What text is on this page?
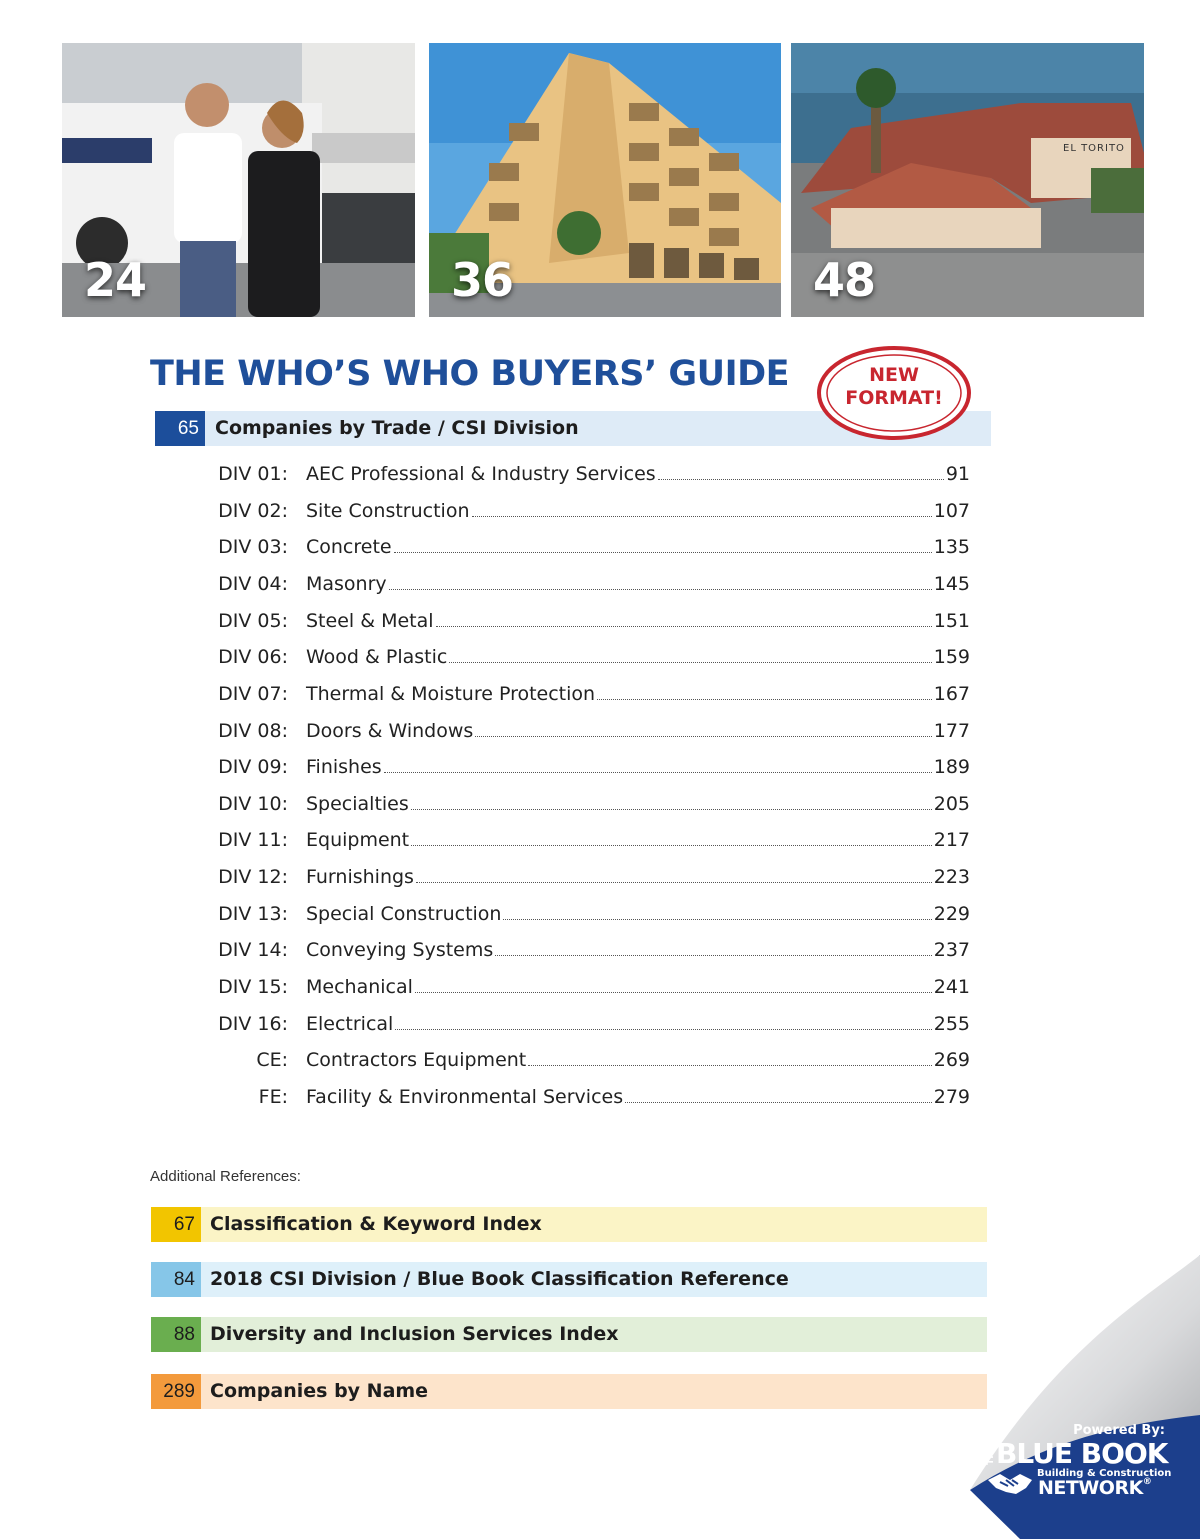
24	36
EL TORITO
48
THE WHO’S WHO BUYERS’ GUIDE
65 Companies by Trade / CSI Division
NEW
FORMAT!
DIV 01: AEC Professional & Industry Services	91
DIV 02: Site Construction	107
DIV 03: Concrete	135
DIV 04: Masonry	145
DIV 05: Steel & Metal	151
DIV 06: Wood & Plastic	159
DIV 07: Thermal & Moisture Protection	167
DIV 08: Doors & Windows	177
DIV 09: Finishes	189
DIV 10: Specialties	205
DIV 11: Equipment	217
DIV 12: Furnishings	223
DIV 13: Special Construction	229
DIV 14: Conveying Systems	237
DIV 15: Mechanical	241
DIV 16: Electrical	255
CE: Contractors Equipment	269
FE: Facility & Environmental Services	279
Additional References:
67 Classification & Keyword Index
84 2018 CSI Division / Blue Book Classification Reference
88 Diversity and Inclusion Services Index
289 Companies by Name
Powered By:
THEBLUE BOOK
Building & Construction
NETWORK®
